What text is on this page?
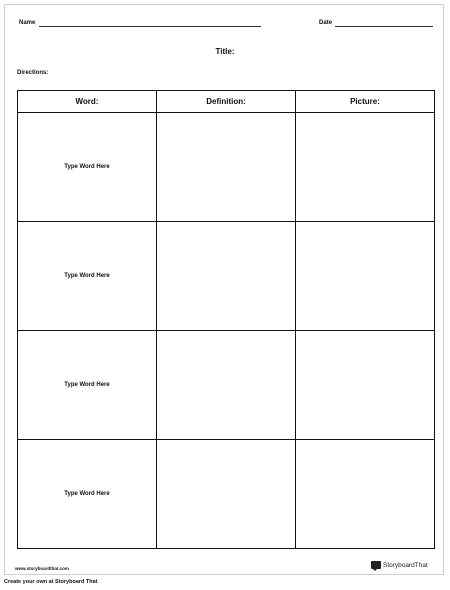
Name	Date
Title:
Directions:
Word:	Definition:	Picture:
Type Word Here		
Type Word Here		
Type Word Here		
Type Word Here		
www.storyboardthat.com	StoryboardThat
Create your own at Storyboard That
